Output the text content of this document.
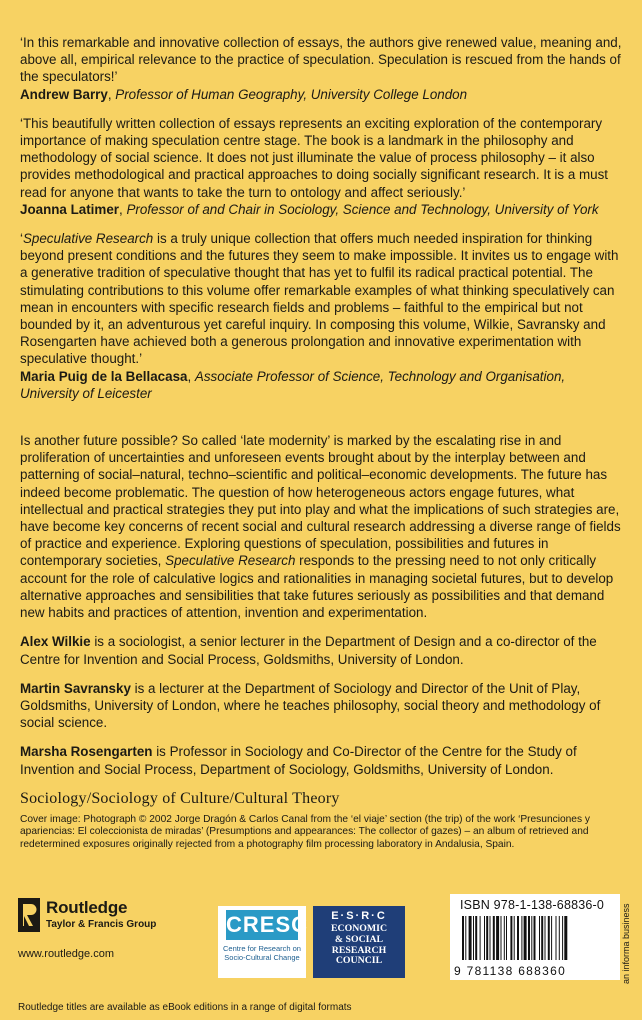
‘In this remarkable and innovative collection of essays, the authors give renewed value, meaning and, above all, empirical relevance to the practice of speculation. Speculation is rescued from the hands of the speculators!’

Andrew Barry, Professor of Human Geography, University College London

‘This beautifully written collection of essays represents an exciting exploration of the contemporary importance of making speculation centre stage. The book is a landmark in the philosophy and methodology of social science. It does not just illuminate the value of process philosophy – it also provides methodological and practical approaches to doing socially significant research. It is a must read for anyone that wants to take the turn to ontology and affect seriously.’

Joanna Latimer, Professor of and Chair in Sociology, Science and Technology, University of York

‘Speculative Research is a truly unique collection that offers much needed inspiration for thinking beyond present conditions and the futures they seem to make impossible. It invites us to engage with a generative tradition of speculative thought that has yet to fulfil its radical practical potential. The stimulating contributions to this volume offer remarkable examples of what thinking speculatively can mean in encounters with specific research fields and problems – faithful to the empirical but not bounded by it, an adventurous yet careful inquiry. In composing this volume, Wilkie, Savransky and Rosengarten have achieved both a generous prolongation and innovative experimentation with speculative thought.’

Maria Puig de la Bellacasa, Associate Professor of Science, Technology and Organisation, University of Leicester

Is another future possible? So called ‘late modernity’ is marked by the escalating rise in and proliferation of uncertainties and unforeseen events brought about by the interplay between and patterning of social–natural, techno–scientific and political–economic developments. The future has indeed become problematic. The question of how heterogeneous actors engage futures, what intellectual and practical strategies they put into play and what the implications of such strategies are, have become key concerns of recent social and cultural research addressing a diverse range of fields of practice and experience. Exploring questions of speculation, possibilities and futures in contemporary societies, Speculative Research responds to the pressing need to not only critically account for the role of calculative logics and rationalities in managing societal futures, but to develop alternative approaches and sensibilities that take futures seriously as possibilities and that demand new habits and practices of attention, invention and experimentation.

Alex Wilkie is a sociologist, a senior lecturer in the Department of Design and a co-director of the Centre for Invention and Social Process, Goldsmiths, University of London.
Martin Savransky is a lecturer at the Department of Sociology and Director of the Unit of Play, Goldsmiths, University of London, where he teaches philosophy, social theory and methodology of social science.
Marsha Rosengarten is Professor in Sociology and Co-Director of the Centre for the Study of Invention and Social Process, Department of Sociology, Goldsmiths, University of London.
Sociology/Sociology of Culture/Cultural Theory

Cover image: Photograph © 2002 Jorge Dragón & Carlos Canal from the ‘el viaje’ section (the trip) of the work ‘Presunciones y apariencias: El coleccionista de miradas’ (Presumptions and appearances: The collector of gazes) – an album of retrieved and redetermined exposures originally rejected from a photography film processing laboratory in Andalusia, Spain.

Routledge
Taylor & Francis Group
www.routledge.com
CRESC
Centre for Research on Socio-Cultural Change
E·S·R·C
ECONOMIC
& SOCIAL
RESEARCH
COUNCIL
ISBN 978-1-138-68836-0
9 781138 688360	an informa business
Routledge titles are available as eBook editions in a range of digital formats
